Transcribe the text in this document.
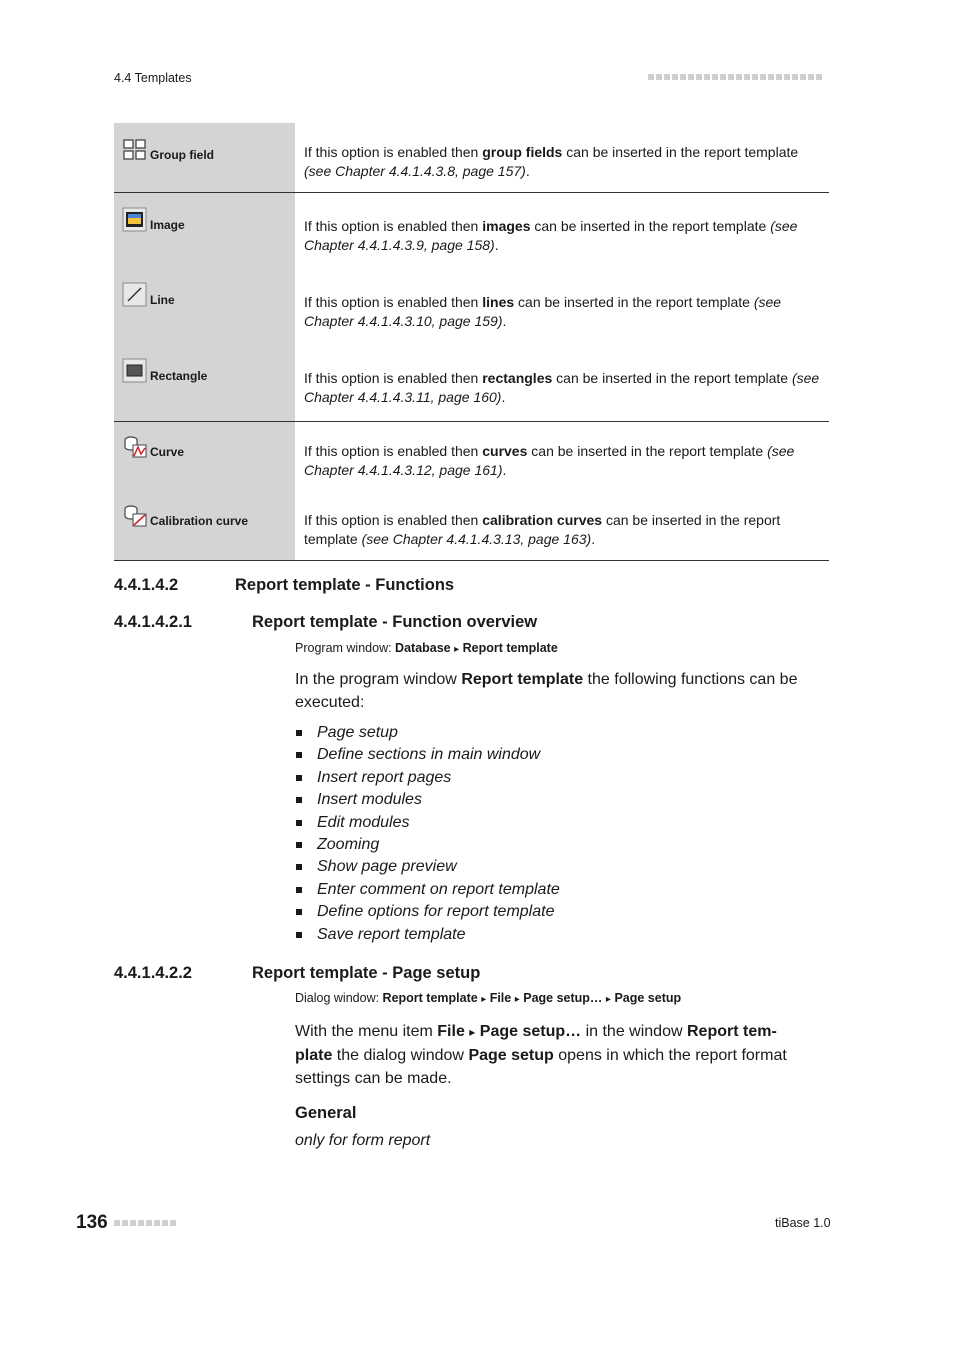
4.4 Templates
Group field	If this option is enabled then group fields can be inserted in the report template (see Chapter 4.4.1.4.3.8, page 157).

Image	If this option is enabled then images can be inserted in the report template (see Chapter 4.4.1.4.3.9, page 158).

Line	If this option is enabled then lines can be inserted in the report template (see Chapter 4.4.1.4.3.10, page 159).

Rectangle	If this option is enabled then rectangles can be inserted in the report template (see Chapter 4.4.1.4.3.11, page 160).

Curve	If this option is enabled then curves can be inserted in the report template (see Chapter 4.4.1.4.3.12, page 161).

Calibration curve	If this option is enabled then calibration curves can be inserted in the report template (see Chapter 4.4.1.4.3.13, page 163).
4.4.1.4.2	Report template - Functions
4.4.1.4.2.1	Report template - Function overview
Program window: Database ▸ Report template
In the program window Report template the following functions can be executed:
Page setup
Define sections in main window
Insert report pages
Insert modules
Edit modules
Zooming
Show page preview
Enter comment on report template
Define options for report template
Save report template
4.4.1.4.2.2	Report template - Page setup
Dialog window: Report template ▸ File ▸ Page setup… ▸ Page setup
With the menu item File ▸ Page setup… in the window Report tem-
plate the dialog window Page setup opens in which the report format
settings can be made.
General
only for form report
136	tiBase 1.0
